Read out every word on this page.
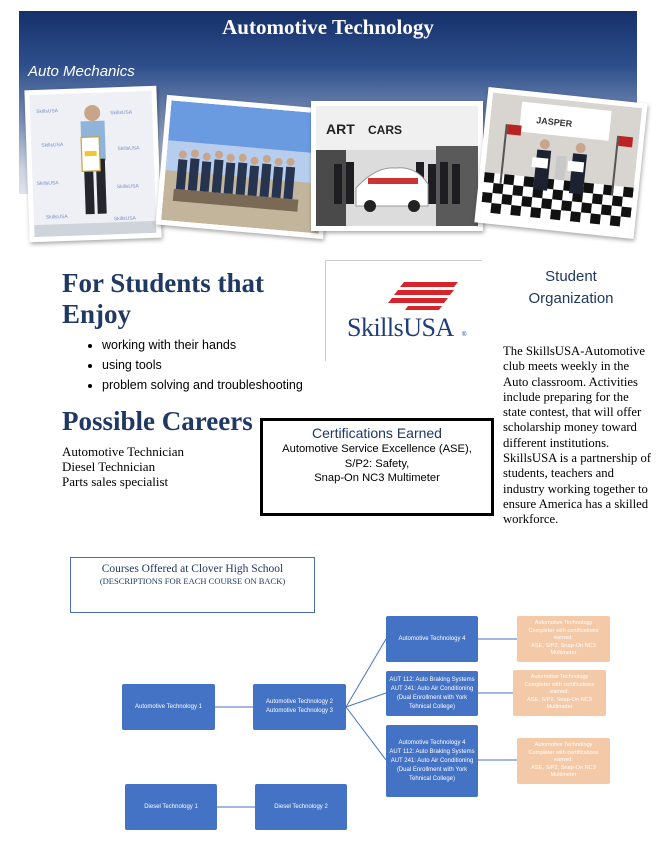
Automotive Technology
Auto Mechanics
SkillsUSA	SkillsUSA
SkillsUSA	SkillsUSA
SkillsUSA	SkillsUSA
SkillsUSA	SkillsUSA
ART CARS
JASPER
For Students that Enjoy
• working with their hands
• using tools
• problem solving and troubleshooting
Possible Careers
Automotive Technician
Diesel Technician
Parts sales specialist
SkillsUSA ®
Student
Organization
The SkillsUSA-Automotive club meets weekly in the Auto classroom. Activities include preparing for the state contest, that will offer scholarship money toward different institutions. SkillsUSA is a partnership of students, teachers and industry working together to ensure America has a skilled workforce.
Certifications Earned
Automotive Service Excellence (ASE),
S/P2: Safety,
Snap-On NC3 Multimeter
Courses Offered at Clover High School
(DESCRIPTIONS FOR EACH COURSE ON BACK)
Automotive Technology 1
Automotive Technology 2
Automotive Technology 3
Automotive Technology 4
AUT 112: Auto Braking Systems
AUT 241: Auto Air Conditioning
(Dual Enrollment with York
Tehnical College)
Automotive Technology 4
AUT 112: Auto Braking Systems
AUT 241: Auto Air Conditioning
(Dual Enrollment with York
Tehnical College)
Diesel Technology 1	Diesel Technology 2
Automotive Technology
Completer with certifications
earned:
ASE, S/P2, Snap-On NC3
Multimeter
Automotive Technology
Completer with certifications
earned:
ASE, S/P2, Snap-On NC3
Multimeter
Automotive Technology
Completer with certifications
earned:
ASE, S/P2, Snap-On NC3
Multimeter
